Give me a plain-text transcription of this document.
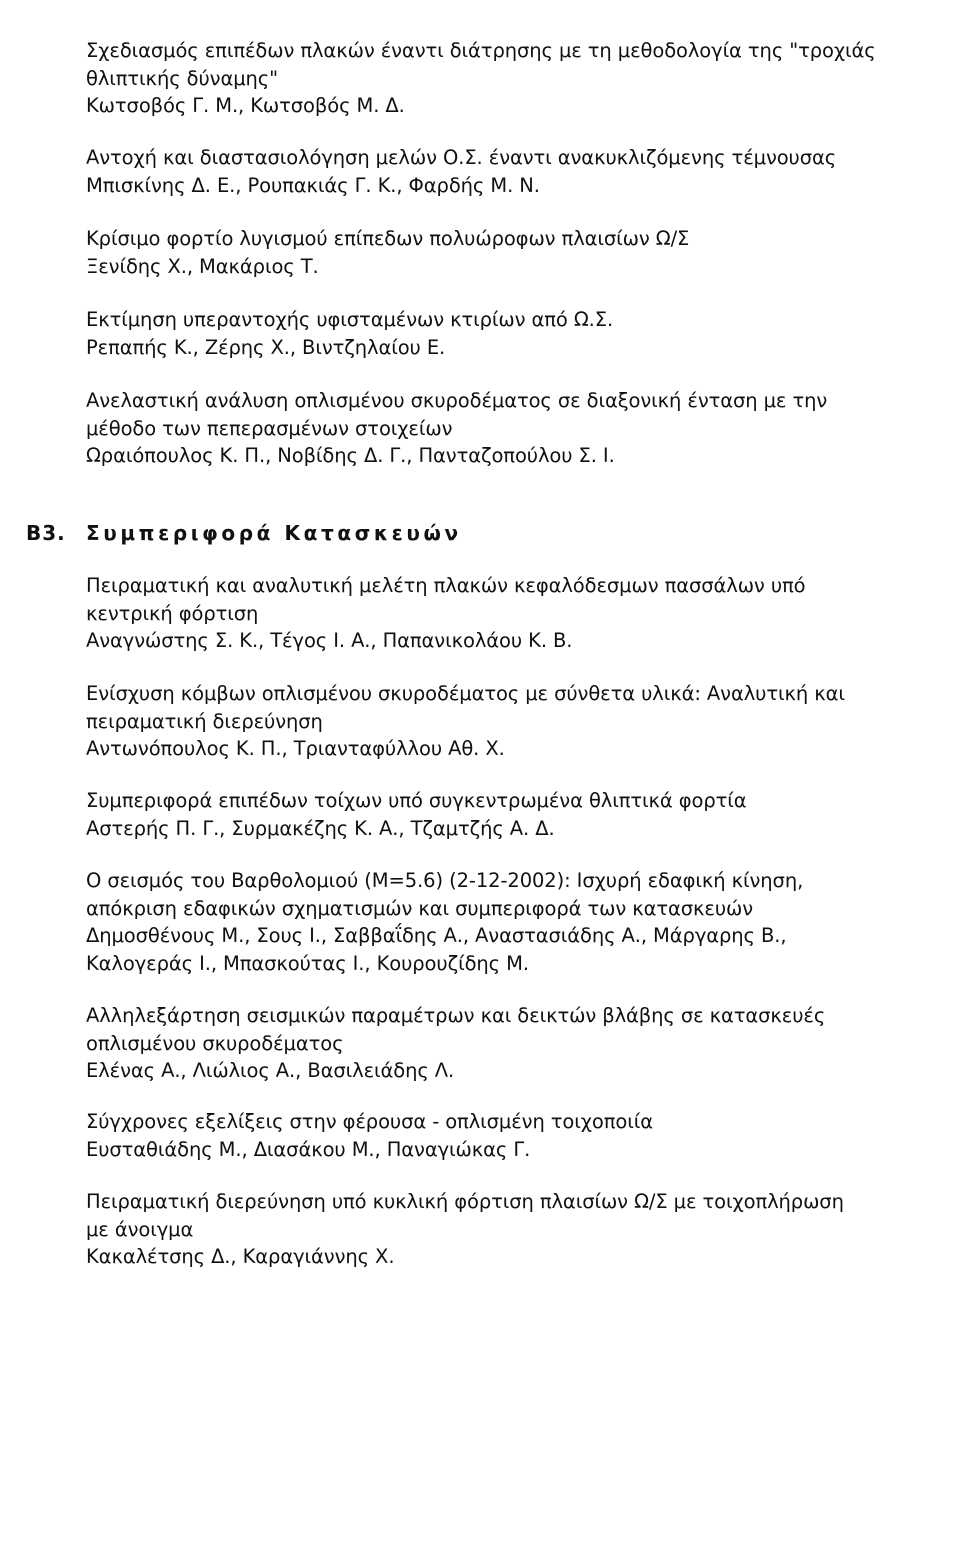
Σχεδιασμός επιπέδων πλακών έναντι διάτρησης με τη μεθοδολογία της "τροχιάς
θλιπτικής δύναμης"
Κωτσοβός Γ. Μ., Κωτσοβός Μ. Δ.
Αντοχή και διαστασιολόγηση μελών Ο.Σ. έναντι ανακυκλιζόμενης τέμνουσας
Μπισκίνης Δ. Ε., Ρουπακιάς Γ. Κ., Φαρδής Μ. Ν.
Κρίσιμο φορτίο λυγισμού επίπεδων πολυώροφων πλαισίων Ω/Σ
Ξενίδης Χ., Μακάριος Τ.
Εκτίμηση υπεραντοχής υφισταμένων κτιρίων από Ω.Σ.
Ρεπαπής Κ., Ζέρης Χ., Βιντζηλαίου Ε.
Ανελαστική ανάλυση οπλισμένου σκυροδέματος σε διαξονική ένταση με την
μέθοδο των πεπερασμένων στοιχείων
Ωραιόπουλος Κ. Π., Νοβίδης Δ. Γ., Πανταζοπούλου Σ. Ι.
Β3. Συμπεριφορά Κατασκευών
Πειραματική και αναλυτική μελέτη πλακών κεφαλόδεσμων πασσάλων υπό
κεντρική φόρτιση
Αναγνώστης Σ. Κ., Τέγος Ι. Α., Παπανικολάου Κ. Β.
Ενίσχυση κόμβων οπλισμένου σκυροδέματος με σύνθετα υλικά: Αναλυτική και
πειραματική διερεύνηση
Αντωνόπουλος Κ. Π., Τριανταφύλλου Αθ. Χ.
Συμπεριφορά επιπέδων τοίχων υπό συγκεντρωμένα θλιπτικά φορτία
Αστερής Π. Γ., Συρμακέζης Κ. Α., Τζαμτζής Α. Δ.
Ο σεισμός του Βαρθολομιού (Μ=5.6) (2-12-2002): Ισχυρή εδαφική κίνηση,
απόκριση εδαφικών σχηματισμών και συμπεριφορά των κατασκευών
Δημοσθένους Μ., Σους Ι., Σαββαΐδης Α., Αναστασιάδης Α., Μάργαρης Β.,
Καλογεράς Ι., Μπασκούτας Ι., Κουρουζίδης Μ.
Αλληλεξάρτηση σεισμικών παραμέτρων και δεικτών βλάβης σε κατασκευές
οπλισμένου σκυροδέματος
Ελένας Α., Λιώλιος Α., Βασιλειάδης Λ.
Σύγχρονες εξελίξεις στην φέρουσα - οπλισμένη τοιχοποιία
Ευσταθιάδης Μ., Διασάκου Μ., Παναγιώκας Γ.
Πειραματική διερεύνηση υπό κυκλική φόρτιση πλαισίων Ω/Σ με τοιχοπλήρωση
με άνοιγμα
Κακαλέτσης Δ., Καραγιάννης Χ.
